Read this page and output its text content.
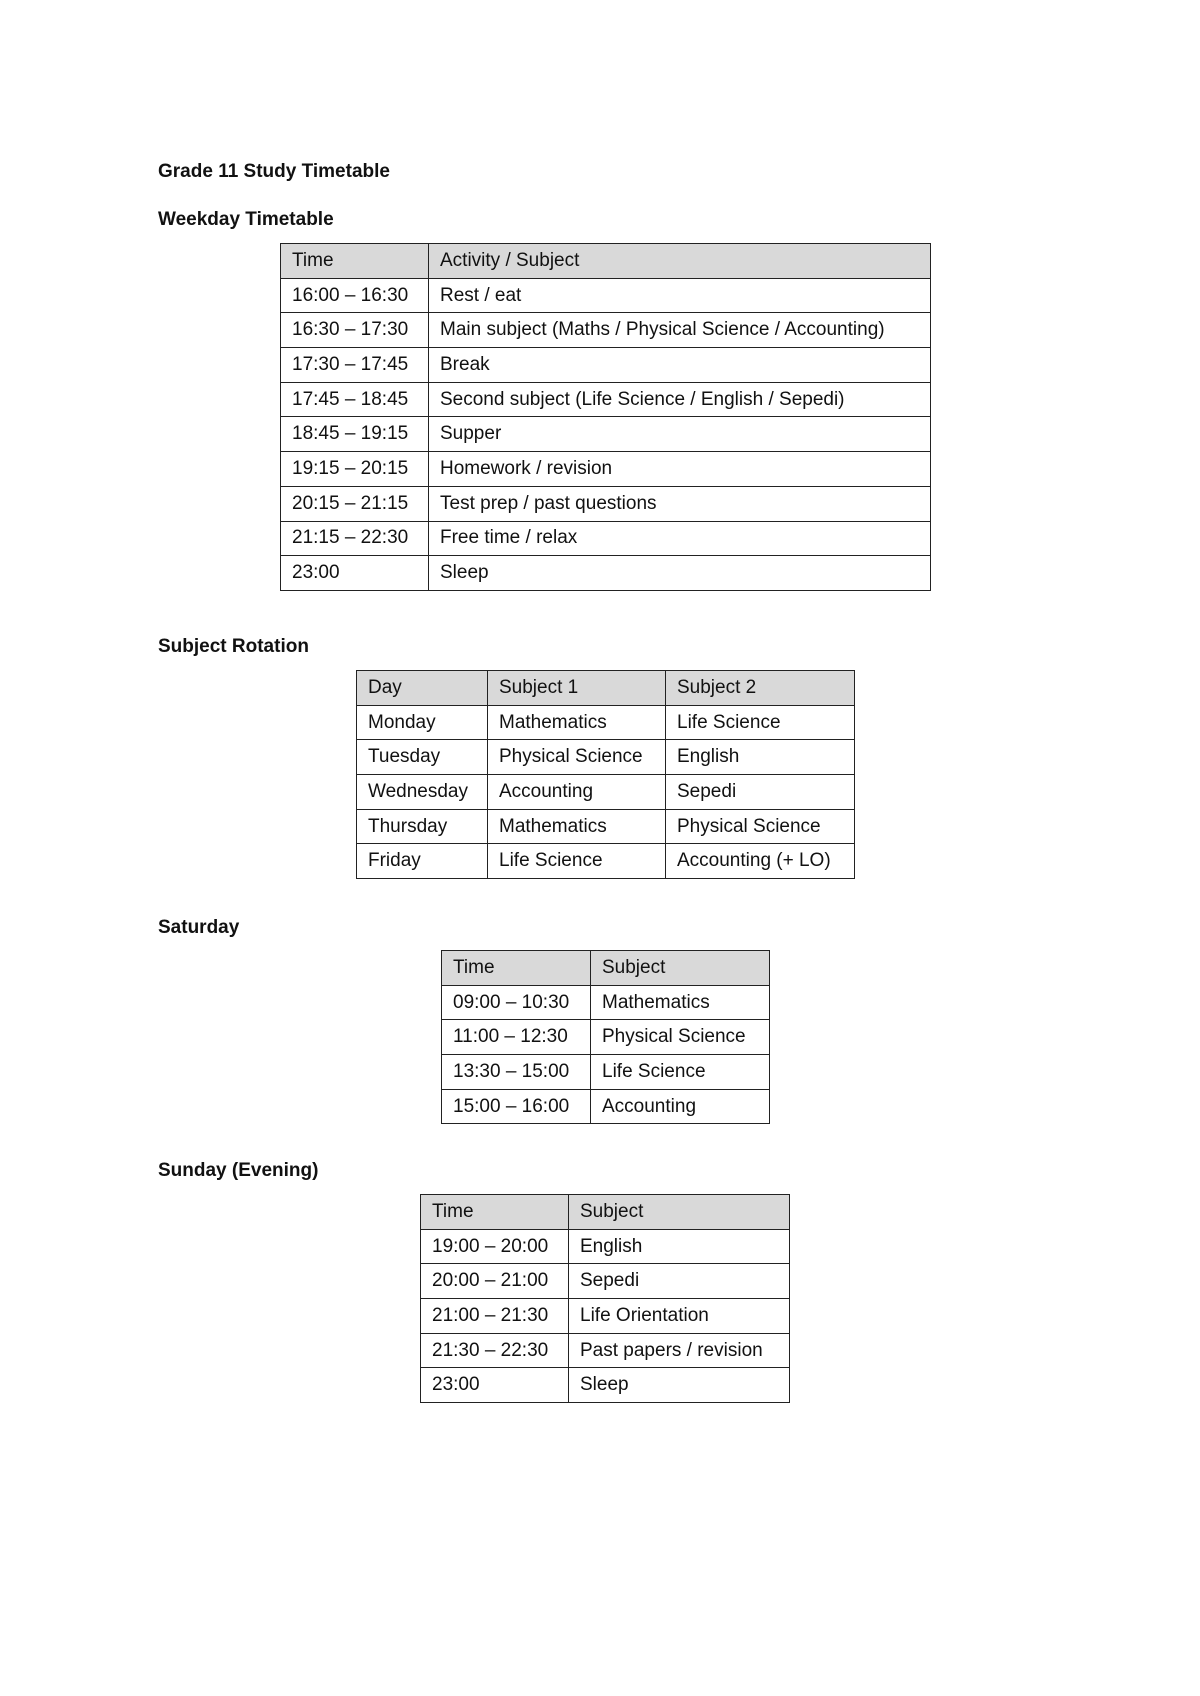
Grade 11 Study Timetable
Weekday Timetable
Time	Activity / Subject
16:00 – 16:30	Rest / eat
16:30 – 17:30	Main subject (Maths / Physical Science / Accounting)
17:30 – 17:45	Break
17:45 – 18:45	Second subject (Life Science / English / Sepedi)
18:45 – 19:15	Supper
19:15 – 20:15	Homework / revision
20:15 – 21:15	Test prep / past questions
21:15 – 22:30	Free time / relax
23:00	Sleep
Subject Rotation
Day	Subject 1	Subject 2
Monday	Mathematics	Life Science
Tuesday	Physical Science	English
Wednesday	Accounting	Sepedi
Thursday	Mathematics	Physical Science
Friday	Life Science	Accounting (+ LO)
Saturday
Time	Subject
09:00 – 10:30	Mathematics
11:00 – 12:30	Physical Science
13:30 – 15:00	Life Science
15:00 – 16:00	Accounting
Sunday (Evening)
Time	Subject
19:00 – 20:00	English
20:00 – 21:00	Sepedi
21:00 – 21:30	Life Orientation
21:30 – 22:30	Past papers / revision
23:00	Sleep
